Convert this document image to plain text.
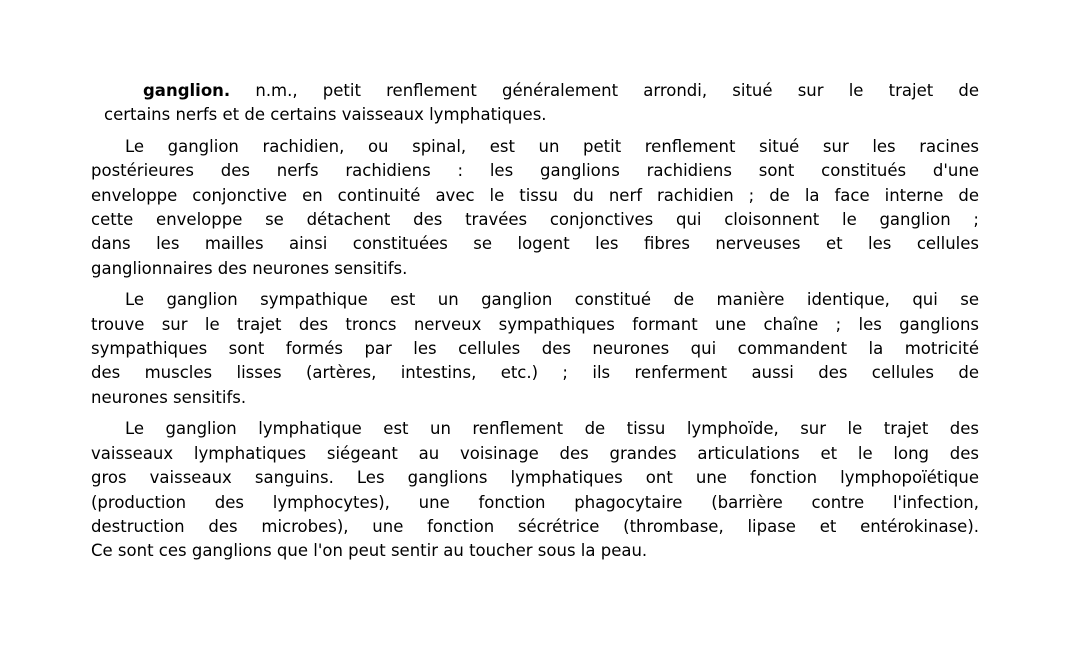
ganglion. n.m., petit renflement généralement arrondi, situé sur le trajet de
certains nerfs et de certains vaisseaux lymphatiques.
Le ganglion rachidien, ou spinal, est un petit renflement situé sur les racines
postérieures des nerfs rachidiens : les ganglions rachidiens sont constitués d'une
enveloppe conjonctive en continuité avec le tissu du nerf rachidien ; de la face interne de
cette enveloppe se détachent des travées conjonctives qui cloisonnent le ganglion ;
dans les mailles ainsi constituées se logent les fibres nerveuses et les cellules
ganglionnaires des neurones sensitifs.
Le ganglion sympathique est un ganglion constitué de manière identique, qui se
trouve sur le trajet des troncs nerveux sympathiques formant une chaîne ; les ganglions
sympathiques sont formés par les cellules des neurones qui commandent la motricité
des muscles lisses (artères, intestins, etc.) ; ils renferment aussi des cellules de
neurones sensitifs.
Le ganglion lymphatique est un renflement de tissu lymphoïde, sur le trajet des
vaisseaux lymphatiques siégeant au voisinage des grandes articulations et le long des
gros vaisseaux sanguins. Les ganglions lymphatiques ont une fonction lymphopoïétique
(production des lymphocytes), une fonction phagocytaire (barrière contre l'infection,
destruction des microbes), une fonction sécrétrice (thrombase, lipase et entérokinase).
Ce sont ces ganglions que l'on peut sentir au toucher sous la peau.
